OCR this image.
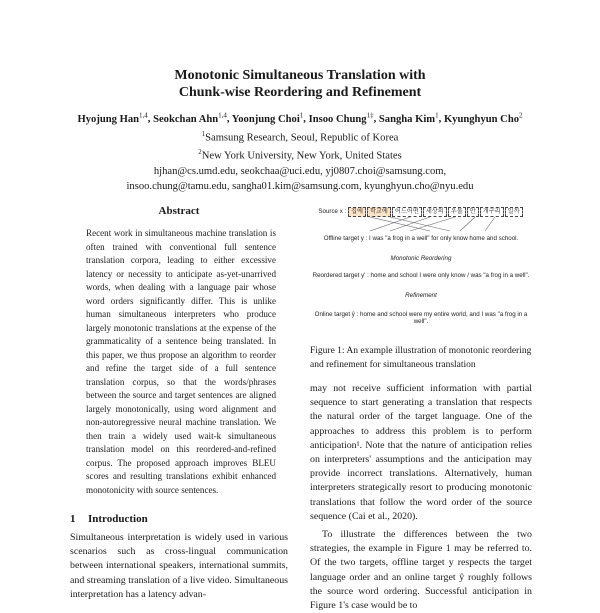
Monotonic Simultaneous Translation with
Chunk-wise Reordering and Refinement
Hyojung Han$^{1,4}$, Seokchan Ahn$^{1,4}$, Yoonjung Choi$^1$, Insoo Chung$^{1\ddagger}$, Sangha Kim$^1$, Kyunghyun Cho$^2$
$^1$Samsung Research, Seoul, Republic of Korea
$^2$New York University, New York, United States
hjhan@cs.umd.edu, seokchaa@uci.edu, yj0807.choi@samsung.com,
insoo.chung@tamu.edu, sangha01.kim@samsung.com, kyunghyun.cho@nyu.edu
Abstract

Recent work in simultaneous machine translation is often trained with conventional full sentence translation corpora, leading to either excessive latency or necessity to anticipate as-yet-unarrived words, when dealing with a language pair whose word orders significantly differ. This is unlike human simultaneous interpreters who produce largely monotonic translations at the expense of the grammaticality of a sentence being translated. In this paper, we thus propose an algorithm to reorder and refine the target side of a full sentence translation corpus, so that the words/phrases between the source and target sentences are aligned largely monotonically, using word alignment and non-autoregressive neural machine translation. We then train a widely used wait-k simultaneous translation model on this reordered-and-refined corpus. The proposed approach improves BLEU scores and resulting translations exhibit enhanced monotonicity with source sentences.

1 Introduction

Simultaneous interpretation is widely used in various scenarios such as cross-lingual communication between international speakers, international summits, and streaming translation of a live video. Simultaneous interpretation has a latency advan-

Source x : 집에 학교에 어느어떤 세상의 우물 안 개구리 일까
Offline target y : I was "a frog in a well" for only know home and school.
Monotonic Reordering
Reordered target y' : home and school I were only know / was "a frog in a well".
Refinement
Online target ŷ : home and school were my entire world, and I was "a frog in a well".

Figure 1: An example illustration of monotonic reordering and refinement for simultaneous translation

may not receive sufficient information with partial sequence to start generating a translation that respects the natural order of the target language. One of the approaches to address this problem is to perform anticipation¹. Note that the nature of anticipation relies on interpreters' assumptions and the anticipation may provide incorrect translations. Alternatively, human interpreters strategically resort to producing monotonic translations that follow the word order of the source sequence (Cai et al., 2020).

To illustrate the differences between the two strategies, the example in Figure 1 may be referred to. Of the two targets, offline target y respects the target language order and an online target ŷ roughly follows the source word ordering. Successful anticipation in Figure 1's case would be to
